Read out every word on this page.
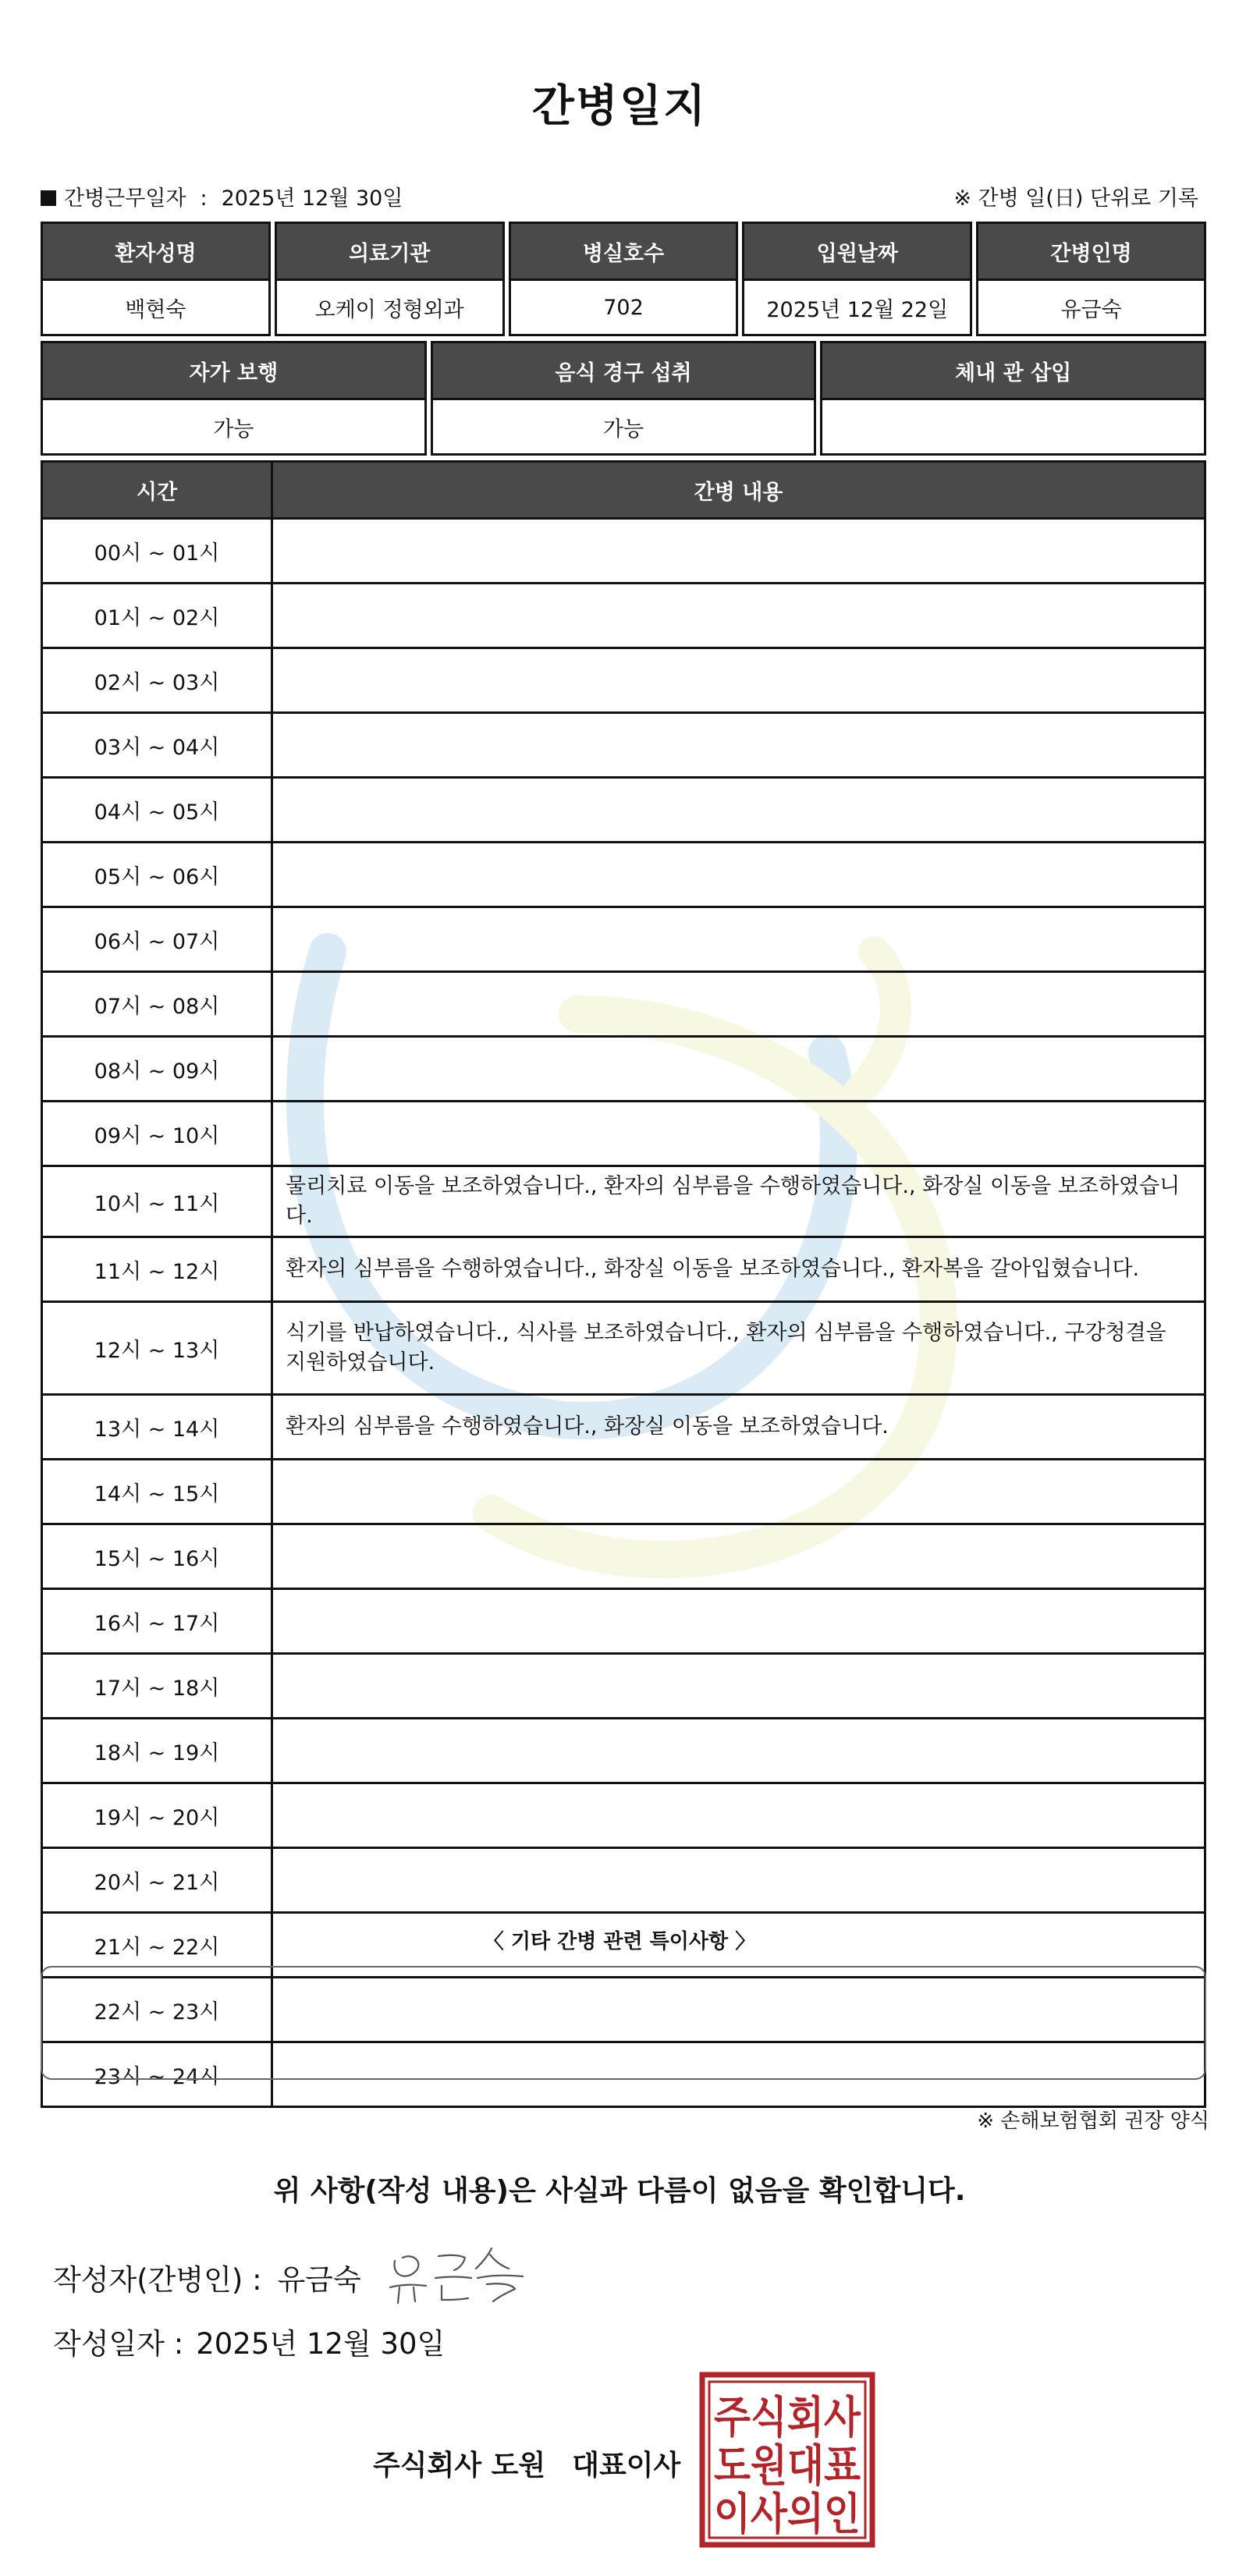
간병일지
간병근무일자 : 2025년 12월 30일	※ 간병 일(日) 단위로 기록
환자성명	의료기관	병실호수	입원날짜	간병인명
백현숙	오케이 정형외과	702	2025년 12월 22일	유금숙
자가 보행	음식 경구 섭취	체내 관 삽입
가능	가능	
시간	간병 내용
00시 ~ 01시	
01시 ~ 02시	
02시 ~ 03시	
03시 ~ 04시	
04시 ~ 05시	
05시 ~ 06시	
06시 ~ 07시	
07시 ~ 08시	
08시 ~ 09시	
09시 ~ 10시	
10시 ~ 11시	물리치료 이동을 보조하였습니다., 환자의 심부름을 수행하였습니다., 화장실 이동을 보조하였습니다.
11시 ~ 12시	환자의 심부름을 수행하였습니다., 화장실 이동을 보조하였습니다., 환자복을 갈아입혔습니다.
12시 ~ 13시	식기를 반납하였습니다., 식사를 보조하였습니다., 환자의 심부름을 수행하였습니다., 구강청결을 지원하였습니다.
13시 ~ 14시	환자의 심부름을 수행하였습니다., 화장실 이동을 보조하였습니다.
14시 ~ 15시	
15시 ~ 16시	
16시 ~ 17시	
17시 ~ 18시	
18시 ~ 19시	
19시 ~ 20시	
20시 ~ 21시	
21시 ~ 22시	
22시 ~ 23시	
23시 ~ 24시	
〈 기타 간병 관련 특이사항 〉
※ 손해보험협회 권장 양식
위 사항(작성 내용)은 사실과 다름이 없음을 확인합니다.
작성자(간병인) : 유금숙
작성일자 : 2025년 12월 30일
주식회사 도원 대표이사
주식회사
도원대표
이사의인
